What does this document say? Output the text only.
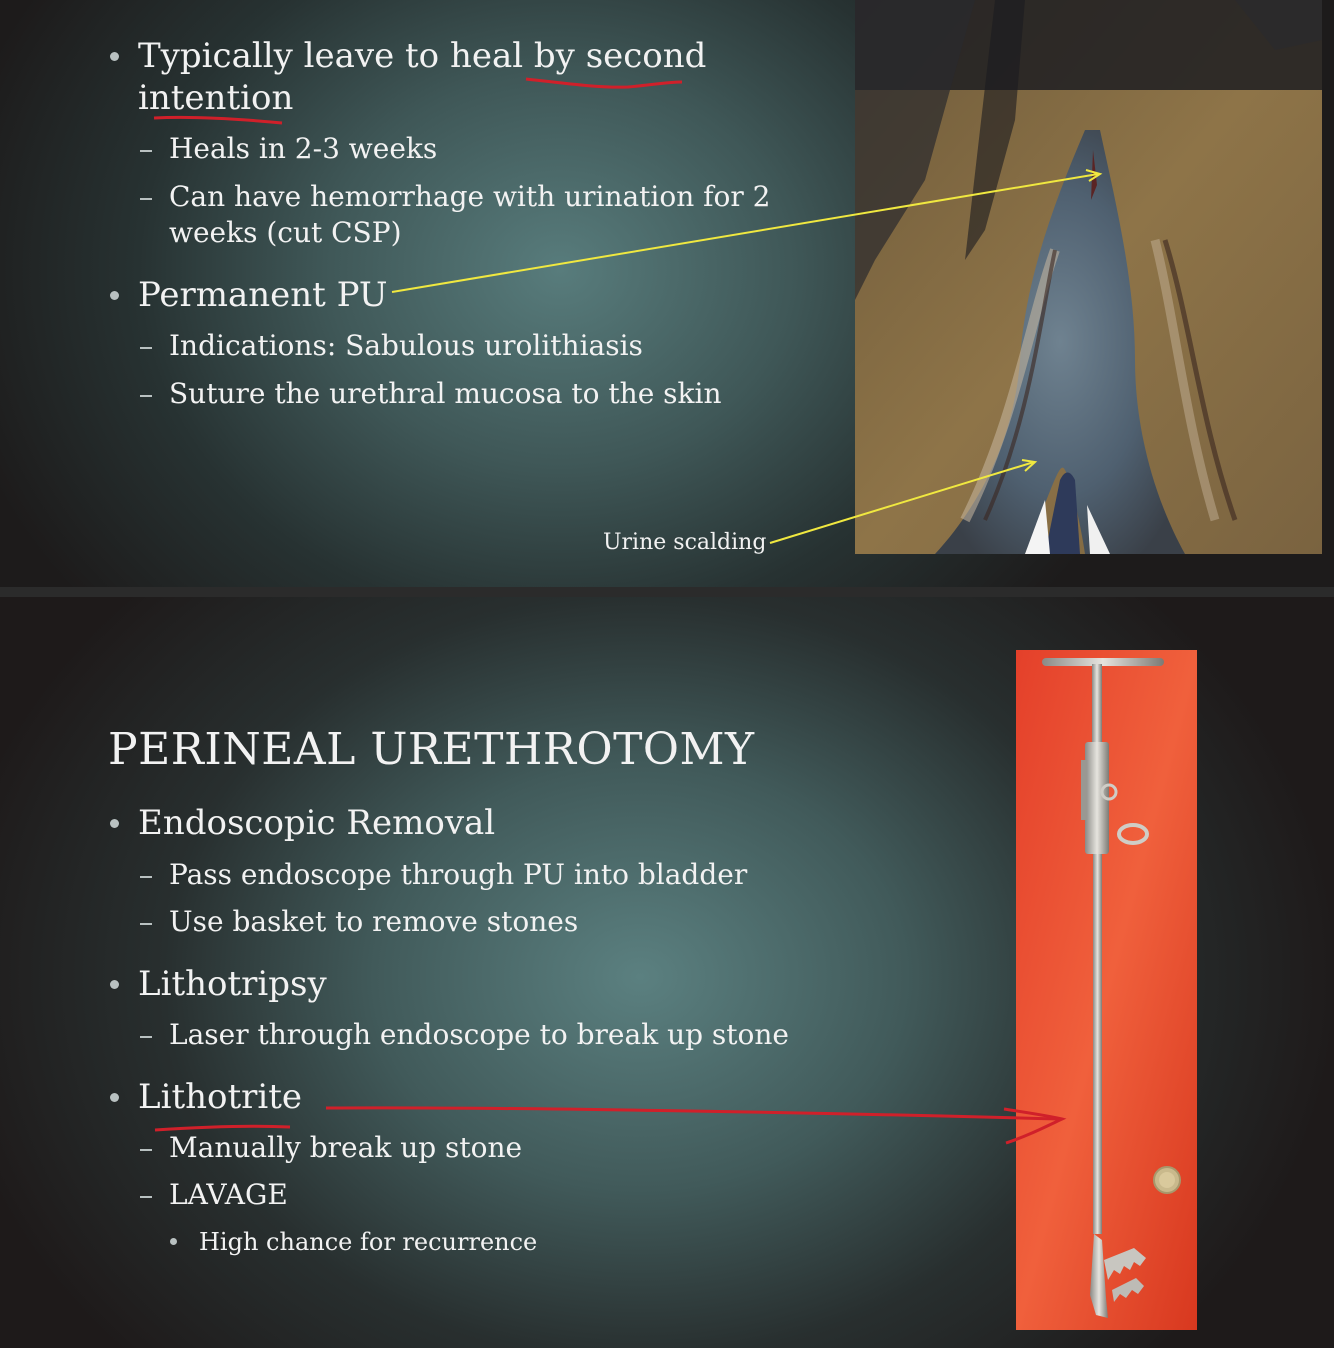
Typically leave to heal by second
intention
Heals in 2-3 weeks
Can have hemorrhage with urination for 2
weeks (cut CSP)
Permanent PU
Indications: Sabulous urolithiasis
Suture the urethral mucosa to the skin
Urine scalding
PERINEAL URETHROTOMY
Endoscopic Removal
Pass endoscope through PU into bladder
Use basket to remove stones
Lithotripsy
Laser through endoscope to break up stone
Lithotrite
Manually break up stone
LAVAGE
High chance for recurrence
